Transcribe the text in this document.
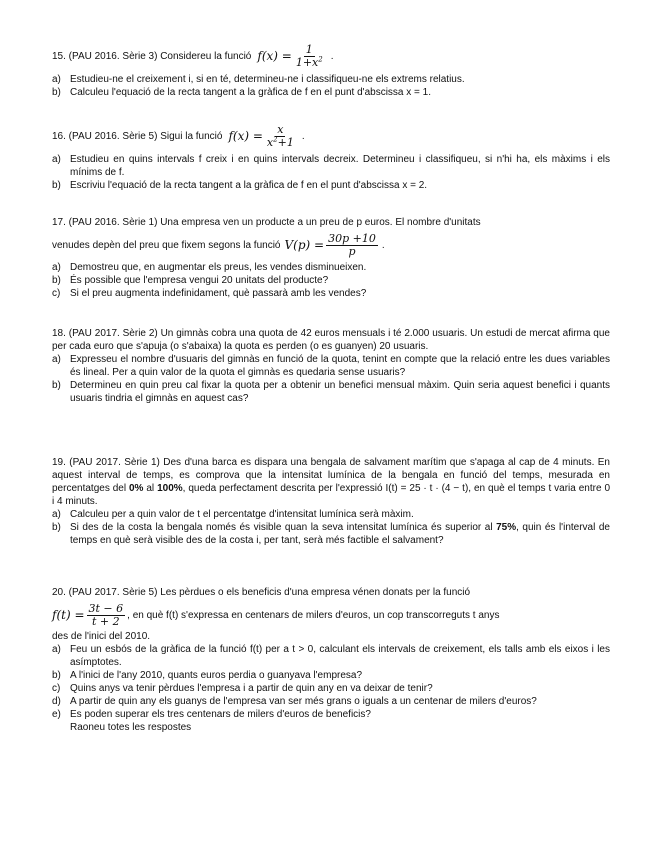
15. (PAU 2016. Sèrie 3) Considereu la funció $f(x) = \frac{1}{1+x^2}$ .
a) Estudieu-ne el creixement i, si en té, determineu-ne i classifiqueu-ne els extrems relatius.
b) Calculeu l'equació de la recta tangent a la gràfica de f en el punt d'abscissa x = 1.
16. (PAU 2016. Sèrie 5) Sigui la funció $f(x) = \frac{x}{x^2+1}$ .
a) Estudieu en quins intervals f creix i en quins intervals decreix. Determineu i classifiqueu, si n'hi ha, els màxims i els mínims de f.
b) Escriviu l'equació de la recta tangent a la gràfica de f en el punt d'abscissa x = 2.
17. (PAU 2016. Sèrie 1) Una empresa ven un producte a un preu de p euros. El nombre d'unitats
venudes depèn del preu que fixem segons la funció $V(p) = \frac{30p +10}{p}$ .
a) Demostreu que, en augmentar els preus, les vendes disminueixen.
b) És possible que l'empresa vengui 20 unitats del producte?
c) Si el preu augmenta indefinidament, què passarà amb les vendes?
18. (PAU 2017. Sèrie 2) Un gimnàs cobra una quota de 42 euros mensuals i té 2.000 usuaris. Un estudi de mercat afirma que per cada euro que s'apuja (o s'abaixa) la quota es perden (o es guanyen) 20 usuaris.
a) Expresseu el nombre d'usuaris del gimnàs en funció de la quota, tenint en compte que la relació entre les dues variables és lineal. Per a quin valor de la quota el gimnàs es quedaria sense usuaris?
b) Determineu en quin preu cal fixar la quota per a obtenir un benefici mensual màxim. Quin seria aquest benefici i quants usuaris tindria el gimnàs en aquest cas?
19. (PAU 2017. Sèrie 1) Des d'una barca es dispara una bengala de salvament marítim que s'apaga al cap de 4 minuts. En aquest interval de temps, es comprova que la intensitat lumínica de la bengala en funció del temps, mesurada en percentatges del 0% al 100%, queda perfectament descrita per l'expressió I(t) = 25 · t · (4 − t), en què el temps t varia entre 0 i 4 minuts.
a) Calculeu per a quin valor de t el percentatge d'intensitat lumínica serà màxim.
b) Si des de la costa la bengala només és visible quan la seva intensitat lumínica és superior al 75%, quin és l'interval de temps en què serà visible des de la costa i, per tant, serà més factible el salvament?
20. (PAU 2017. Sèrie 5) Les pèrdues o els beneficis d'una empresa vénen donats per la funció
$f(t) = \frac{3t - 6}{t + 2}$ , en què f(t) s'expressa en centenars de milers d'euros, un cop transcorreguts t anys
des de l'inici del 2010.
a) Feu un esbós de la gràfica de la funció f(t) per a t > 0, calculant els intervals de creixement, els talls amb els eixos i les asímptotes.
b) A l'inici de l'any 2010, quants euros perdia o guanyava l'empresa?
c) Quins anys va tenir pèrdues l'empresa i a partir de quin any en va deixar de tenir?
d) A partir de quin any els guanys de l'empresa van ser més grans o iguals a un centenar de milers d'euros?
e) Es poden superar els tres centenars de milers d'euros de beneficis?
Raoneu totes les respostes
